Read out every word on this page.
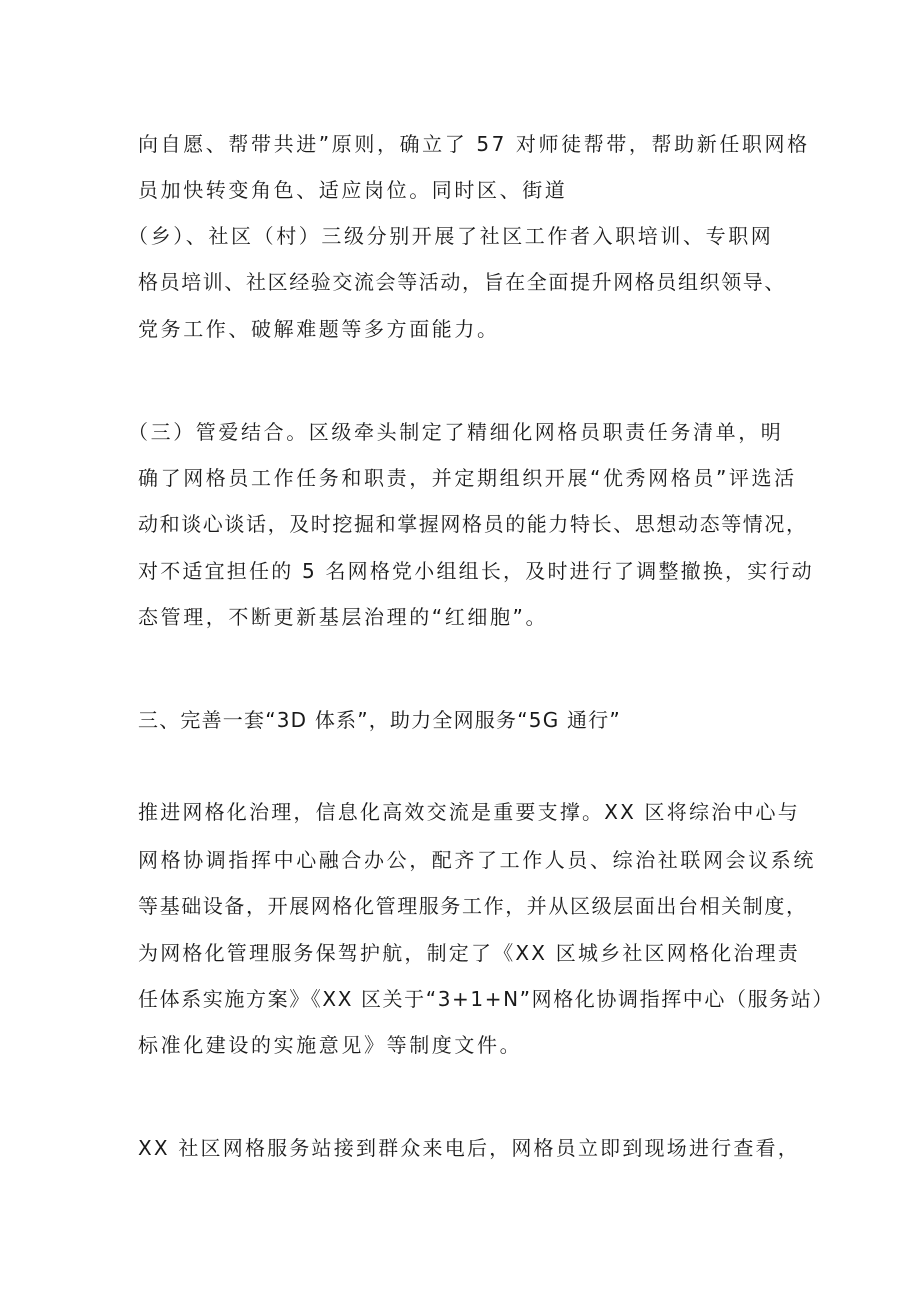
向自愿、帮带共进”原则，确立了 57 对师徒帮带，帮助新任职网格
员加快转变角色、适应岗位。同时区、街道
（乡）、社区（村）三级分别开展了社区工作者入职培训、专职网
格员培训、社区经验交流会等活动，旨在全面提升网格员组织领导、
党务工作、破解难题等多方面能力。
（三）管爱结合。区级牵头制定了精细化网格员职责任务清单，明
确了网格员工作任务和职责，并定期组织开展“优秀网格员”评选活
动和谈心谈话，及时挖掘和掌握网格员的能力特长、思想动态等情况，
对不适宜担任的 5 名网格党小组组长，及时进行了调整撤换，实行动
态管理，不断更新基层治理的“红细胞”。
三、完善一套“3D 体系”，助力全网服务“5G 通行”
推进网格化治理，信息化高效交流是重要支撑。XX 区将综治中心与
网格协调指挥中心融合办公，配齐了工作人员、综治社联网会议系统
等基础设备，开展网格化管理服务工作，并从区级层面出台相关制度，
为网格化管理服务保驾护航，制定了《XX 区城乡社区网格化治理责
任体系实施方案》《XX 区关于“3+1+N”网格化协调指挥中心（服务站）
标准化建设的实施意见》等制度文件。
XX 社区网格服务站接到群众来电后，网格员立即到现场进行查看，
